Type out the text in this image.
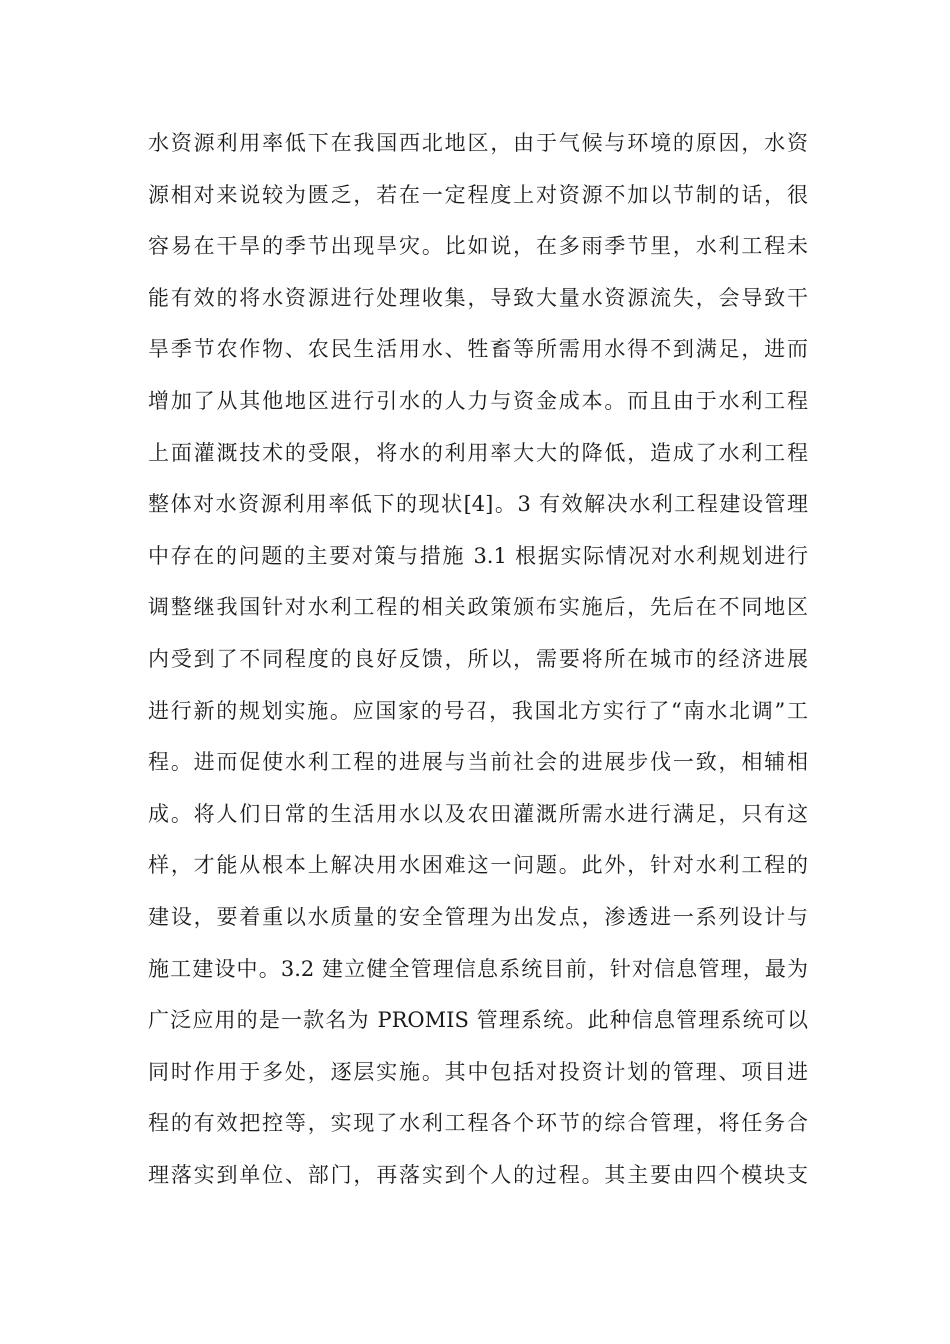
水资源利用率低下在我国西北地区，由于气候与环境的原因，水资
源相对来说较为匮乏，若在一定程度上对资源不加以节制的话，很
容易在干旱的季节出现旱灾。比如说，在多雨季节里，水利工程未
能有效的将水资源进行处理收集，导致大量水资源流失，会导致干
旱季节农作物、农民生活用水、牲畜等所需用水得不到满足，进而
增加了从其他地区进行引水的人力与资金成本。而且由于水利工程
上面灌溉技术的受限，将水的利用率大大的降低，造成了水利工程
整体对水资源利用率低下的现状[4]。3 有效解决水利工程建设管理
中存在的问题的主要对策与措施 3.1 根据实际情况对水利规划进行
调整继我国针对水利工程的相关政策颁布实施后，先后在不同地区
内受到了不同程度的良好反馈，所以，需要将所在城市的经济进展
进行新的规划实施。应国家的号召，我国北方实行了“南水北调”工
程。进而促使水利工程的进展与当前社会的进展步伐一致，相辅相
成。将人们日常的生活用水以及农田灌溉所需水进行满足，只有这
样，才能从根本上解决用水困难这一问题。此外，针对水利工程的
建设，要着重以水质量的安全管理为出发点，渗透进一系列设计与
施工建设中。3.2 建立健全管理信息系统目前，针对信息管理，最为
广泛应用的是一款名为 PROMIS 管理系统。此种信息管理系统可以
同时作用于多处，逐层实施。其中包括对投资计划的管理、项目进
程的有效把控等，实现了水利工程各个环节的综合管理，将任务合
理落实到单位、部门，再落实到个人的过程。其主要由四个模块支
